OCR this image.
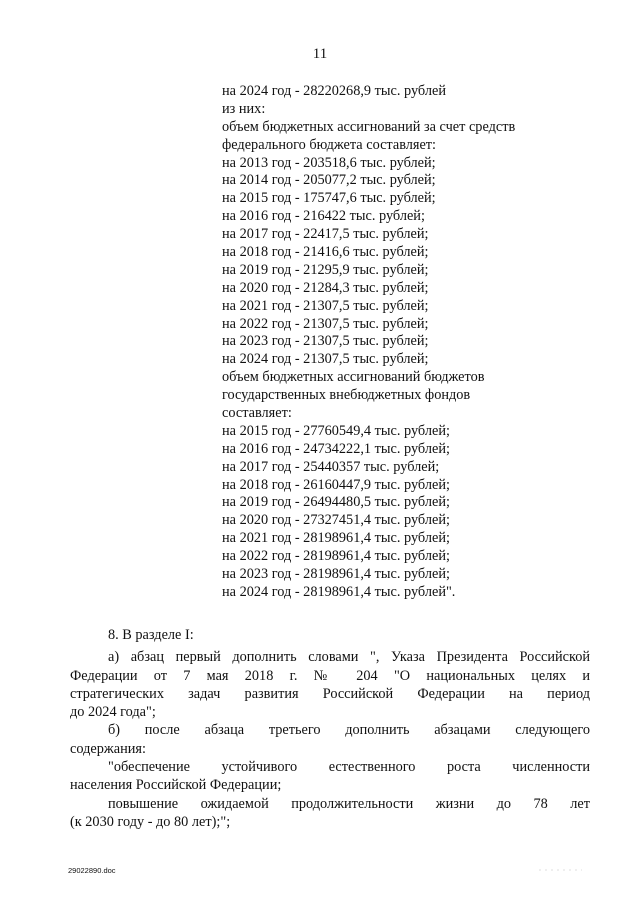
11
на 2024 год - 28220268,9 тыс. рублей
из них:
объем бюджетных ассигнований за счет средств
федерального бюджета составляет:
на 2013 год - 203518,6 тыс. рублей;
на 2014 год - 205077,2 тыс. рублей;
на 2015 год - 175747,6 тыс. рублей;
на 2016 год - 216422 тыс. рублей;
на 2017 год - 22417,5 тыс. рублей;
на 2018 год - 21416,6 тыс. рублей;
на 2019 год - 21295,9 тыс. рублей;
на 2020 год - 21284,3 тыс. рублей;
на 2021 год - 21307,5 тыс. рублей;
на 2022 год - 21307,5 тыс. рублей;
на 2023 год - 21307,5 тыс. рублей;
на 2024 год - 21307,5 тыс. рублей;
объем бюджетных ассигнований бюджетов
государственных внебюджетных фондов
составляет:
на 2015 год - 27760549,4 тыс. рублей;
на 2016 год - 24734222,1 тыс. рублей;
на 2017 год - 25440357 тыс. рублей;
на 2018 год - 26160447,9 тыс. рублей;
на 2019 год - 26494480,5 тыс. рублей;
на 2020 год - 27327451,4 тыс. рублей;
на 2021 год - 28198961,4 тыс. рублей;
на 2022 год - 28198961,4 тыс. рублей;
на 2023 год - 28198961,4 тыс. рублей;
на 2024 год - 28198961,4 тыс. рублей".
8. В разделе I:
а) абзац первый дополнить словами ", Указа Президента Российской
Федерации от 7 мая 2018 г. № 204 "О национальных целях и
стратегических задач развития Российской Федерации на период
до 2024 года";
б) после абзаца третьего дополнить абзацами следующего
содержания:
"обеспечение устойчивого естественного роста численности
населения Российской Федерации;
повышение ожидаемой продолжительности жизни до 78 лет
(к 2030 году - до 80 лет);";
29022890.doc
